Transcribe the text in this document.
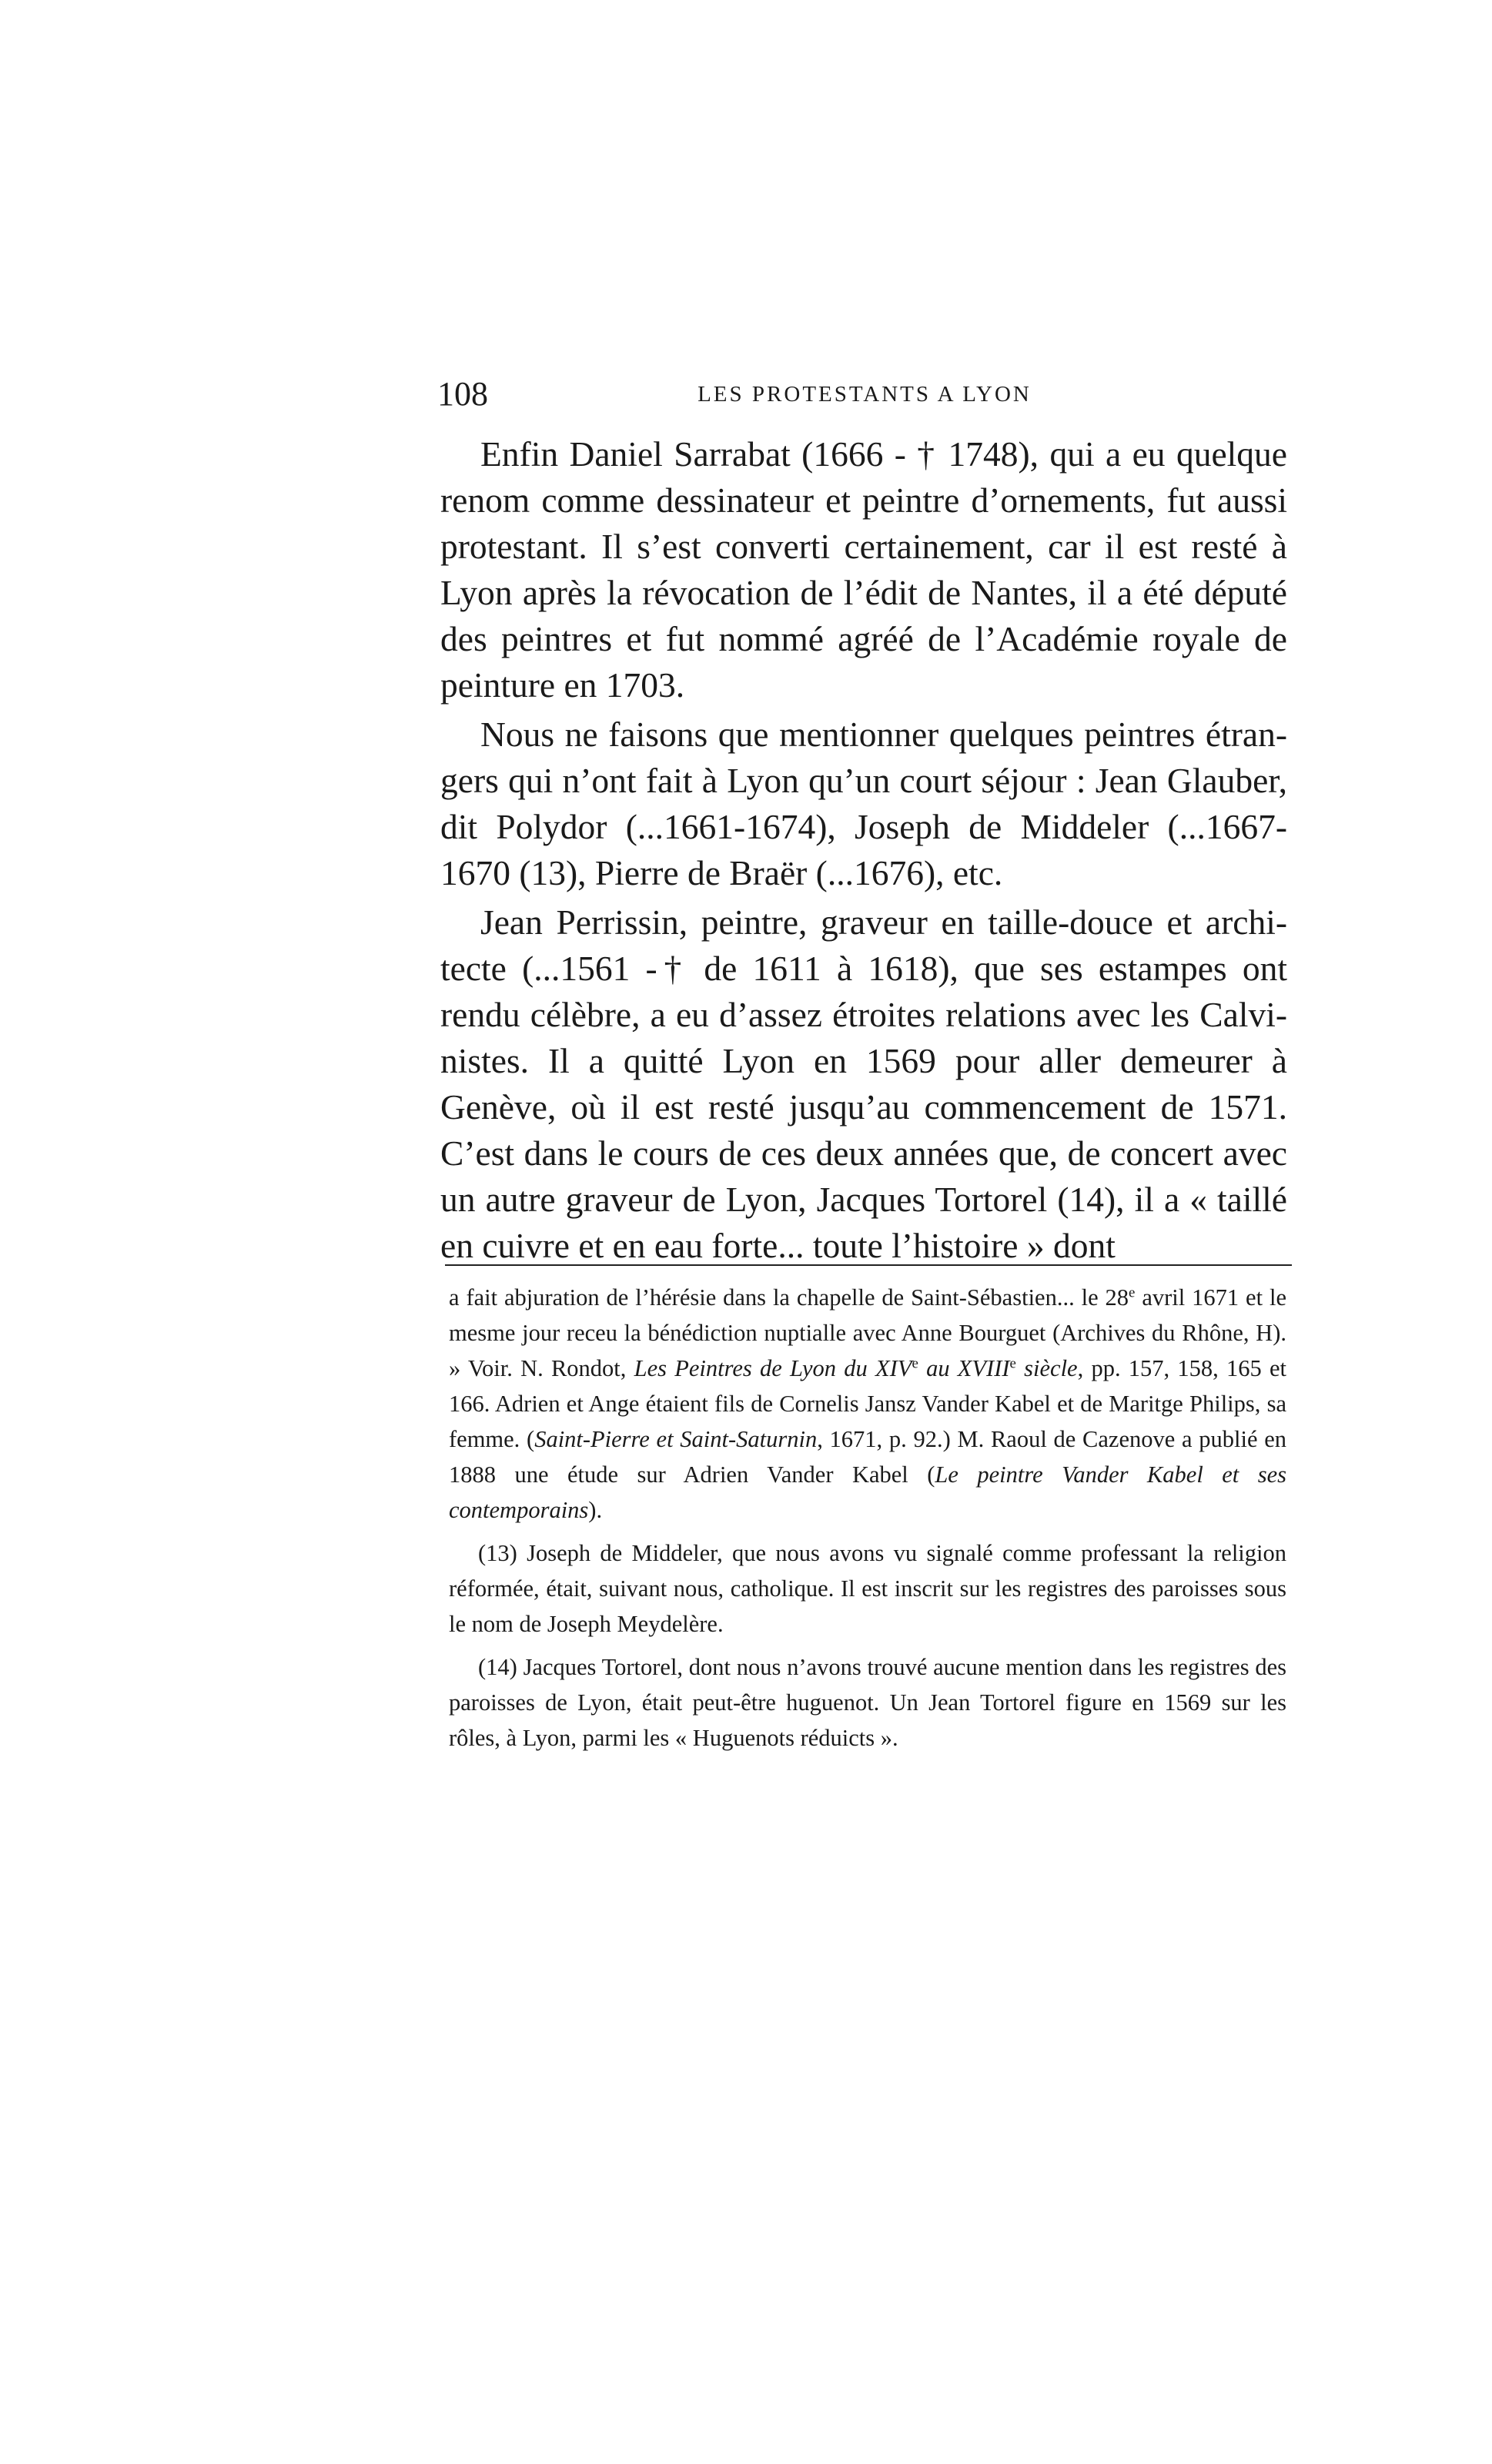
108	LES PROTESTANTS A LYON

Enfin Daniel Sarrabat (1666 - † 1748), qui a eu quelque renom comme dessinateur et peintre d’ornements, fut aussi protestant. Il s’est converti certainement, car il est resté à Lyon après la révocation de l’édit de Nantes, il a été député des peintres et fut nommé agréé de l’Académie royale de peinture en 1703.

Nous ne faisons que mentionner quelques peintres étrangers qui n’ont fait à Lyon qu’un court séjour : Jean Glauber, dit Polydor (...1661-1674), Joseph de Middeler (...1667-1670 (13), Pierre de Braër (...1676), etc.

Jean Perrissin, peintre, graveur en taille-douce et architecte (...1561 -† de 1611 à 1618), que ses estampes ont rendu célèbre, a eu d’assez étroites relations avec les Calvinistes. Il a quitté Lyon en 1569 pour aller demeurer à Genève, où il est resté jusqu’au commencement de 1571. C’est dans le cours de ces deux années que, de concert avec un autre graveur de Lyon, Jacques Tortorel (14), il a « taillé en cuivre et en eau forte... toute l’histoire » dont

a fait abjuration de l’hérésie dans la chapelle de Saint-Sébastien... le 28e avril 1671 et le mesme jour receu la bénédiction nuptialle avec Anne Bourguet (Archives du Rhône, H). » Voir. N. Rondot, Les Peintres de Lyon du XIVe au XVIIIe siècle, pp. 157, 158, 165 et 166. Adrien et Ange étaient fils de Cornelis Jansz Vander Kabel et de Maritge Philips, sa femme. (Saint-Pierre et Saint-Saturnin, 1671, p. 92.) M. Raoul de Cazenove a publié en 1888 une étude sur Adrien Vander Kabel (Le peintre Vander Kabel et ses contemporains).

(13) Joseph de Middeler, que nous avons vu signalé comme professant la religion réformée, était, suivant nous, catholique. Il est inscrit sur les registres des paroisses sous le nom de Joseph Meydelère.

(14) Jacques Tortorel, dont nous n’avons trouvé aucune mention dans les registres des paroisses de Lyon, était peut-être huguenot. Un Jean Tortorel figure en 1569 sur les rôles, à Lyon, parmi les « Huguenots réduicts ».
